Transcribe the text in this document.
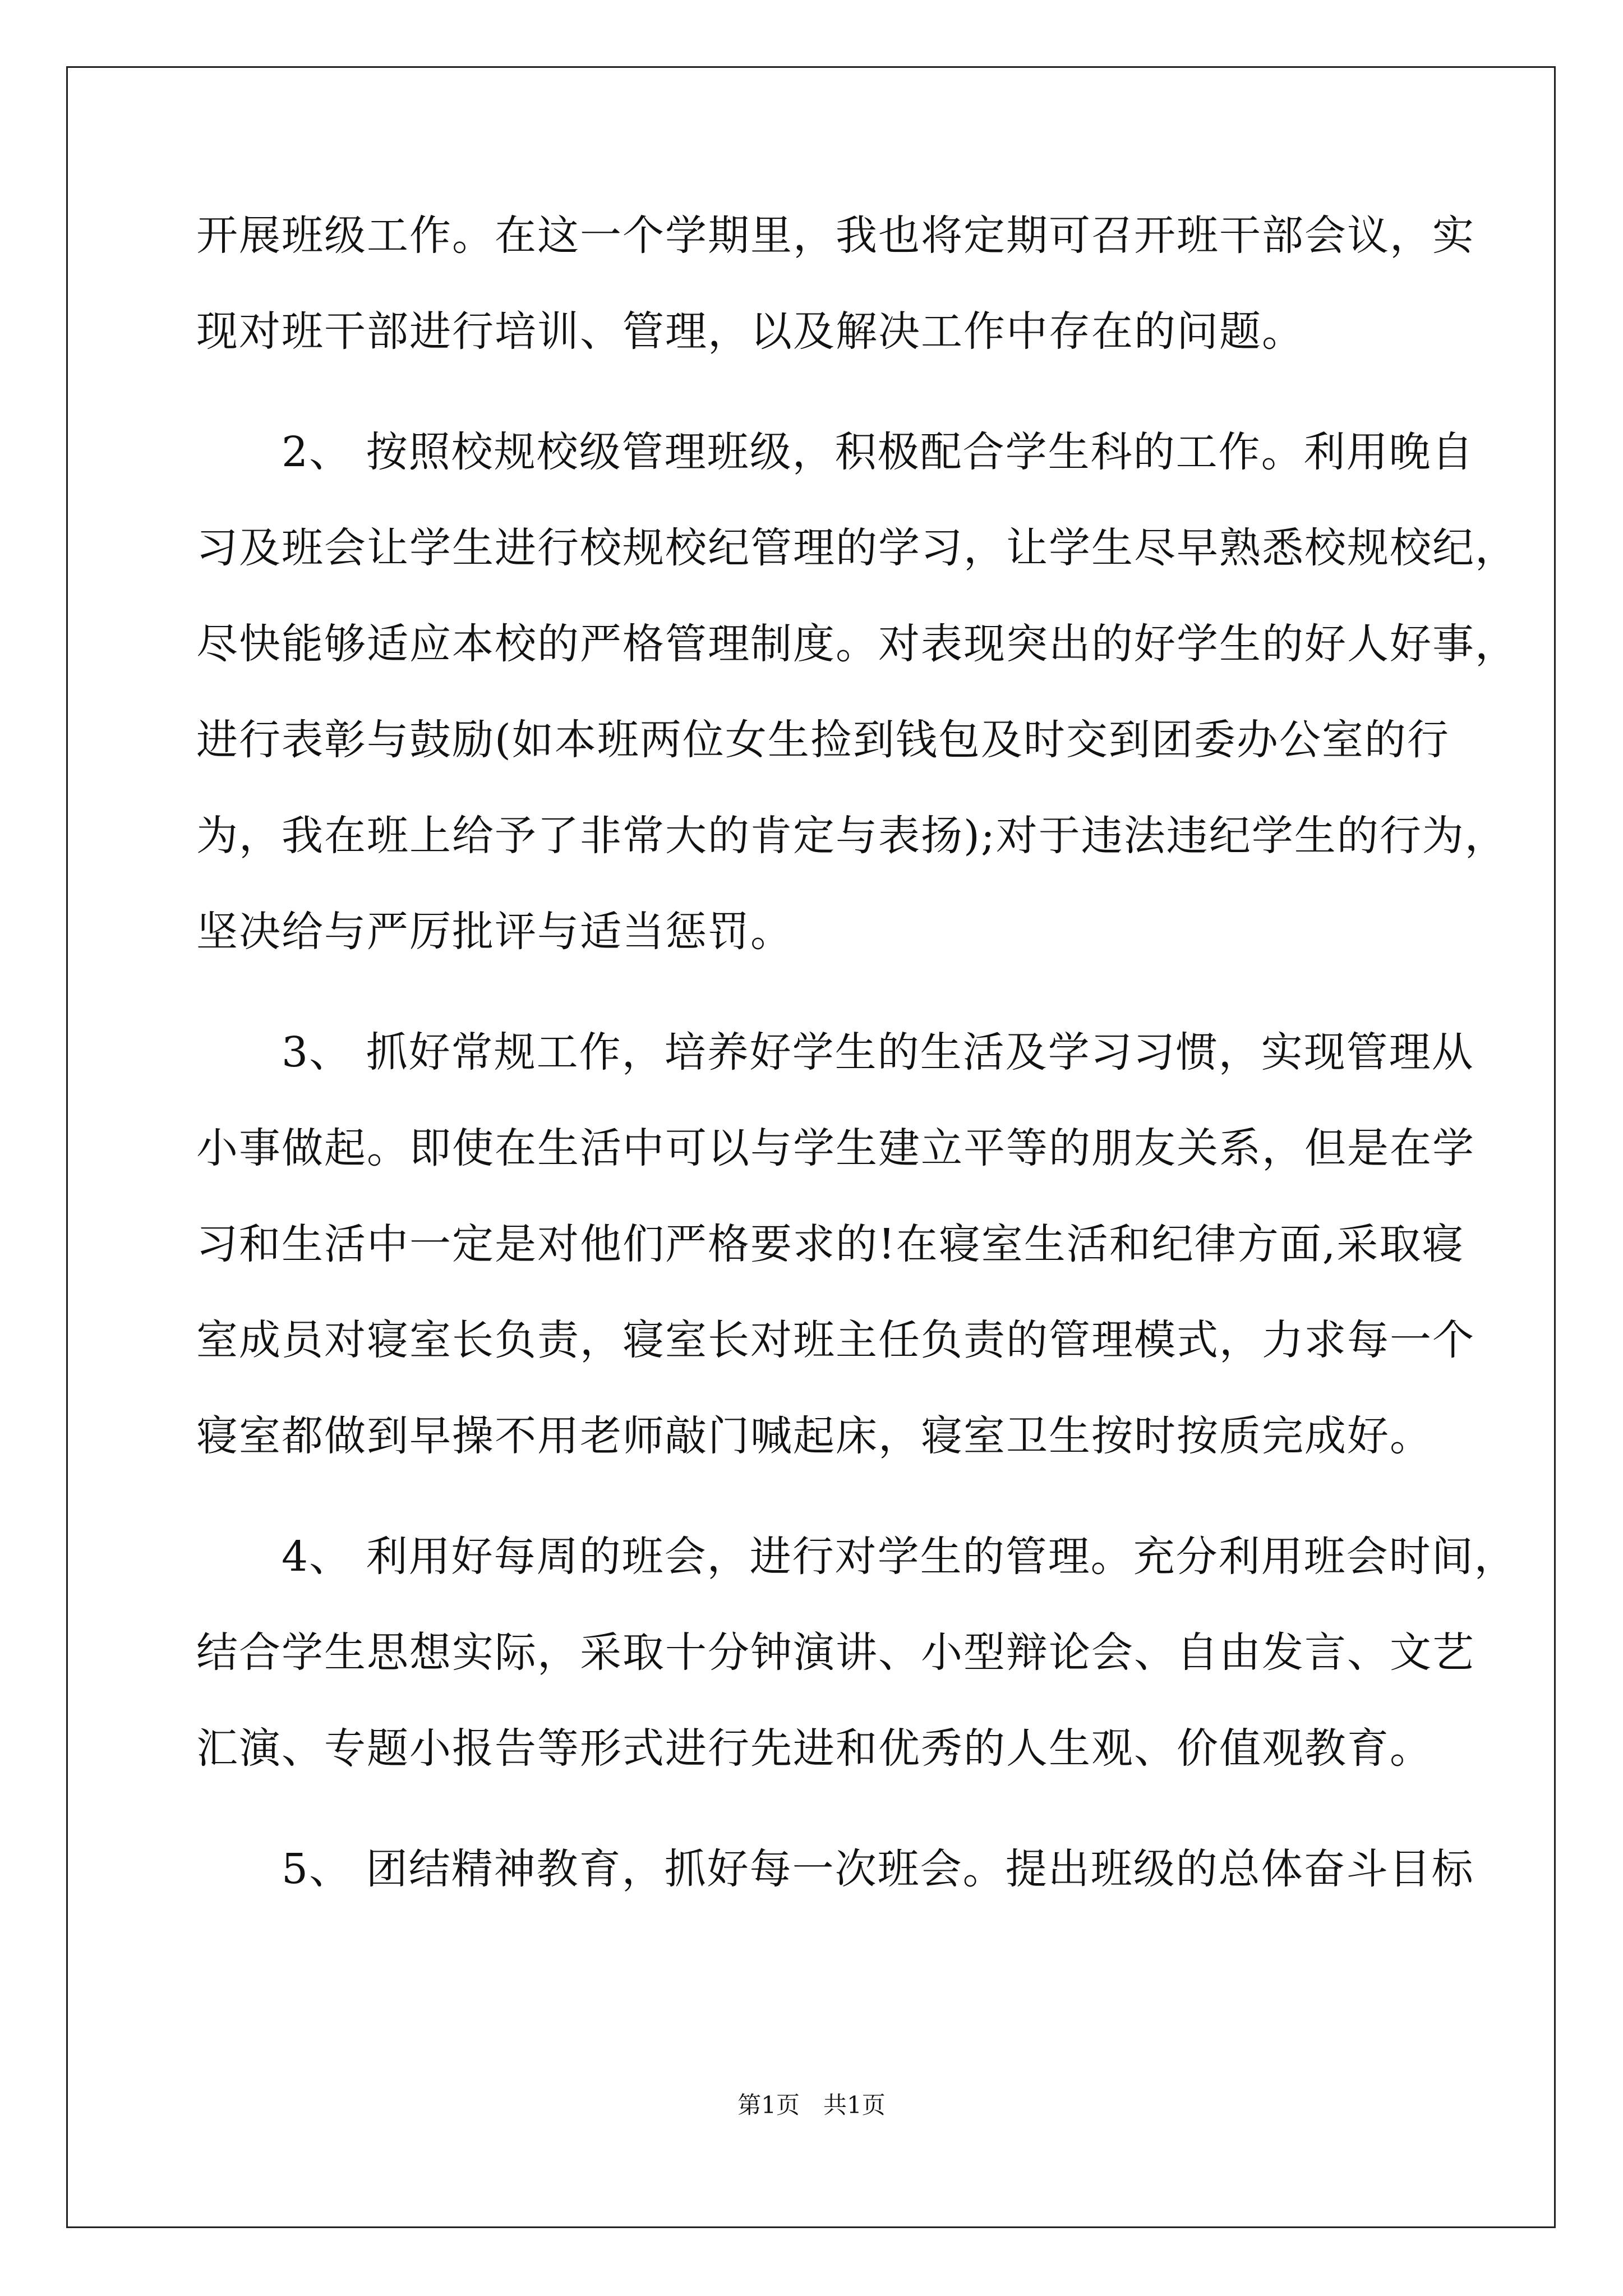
开展班级工作。在这一个学期里，我也将定期可召开班干部会议，实
现对班干部进行培训、管理，以及解决工作中存在的问题。
　　2、 按照校规校级管理班级，积极配合学生科的工作。利用晚自
习及班会让学生进行校规校纪管理的学习，让学生尽早熟悉校规校纪，
尽快能够适应本校的严格管理制度。对表现突出的好学生的好人好事，
进行表彰与鼓励(如本班两位女生捡到钱包及时交到团委办公室的行
为，我在班上给予了非常大的肯定与表扬);对于违法违纪学生的行为，
坚决给与严厉批评与适当惩罚。
　　3、 抓好常规工作，培养好学生的生活及学习习惯，实现管理从
小事做起。即使在生活中可以与学生建立平等的朋友关系，但是在学
习和生活中一定是对他们严格要求的!在寝室生活和纪律方面,采取寝
室成员对寝室长负责，寝室长对班主任负责的管理模式，力求每一个
寝室都做到早操不用老师敲门喊起床，寝室卫生按时按质完成好。
　　4、 利用好每周的班会，进行对学生的管理。充分利用班会时间，
结合学生思想实际，采取十分钟演讲、小型辩论会、自由发言、文艺
汇演、专题小报告等形式进行先进和优秀的人生观、价值观教育。
　　5、 团结精神教育，抓好每一次班会。提出班级的总体奋斗目标
第1页　共1页
